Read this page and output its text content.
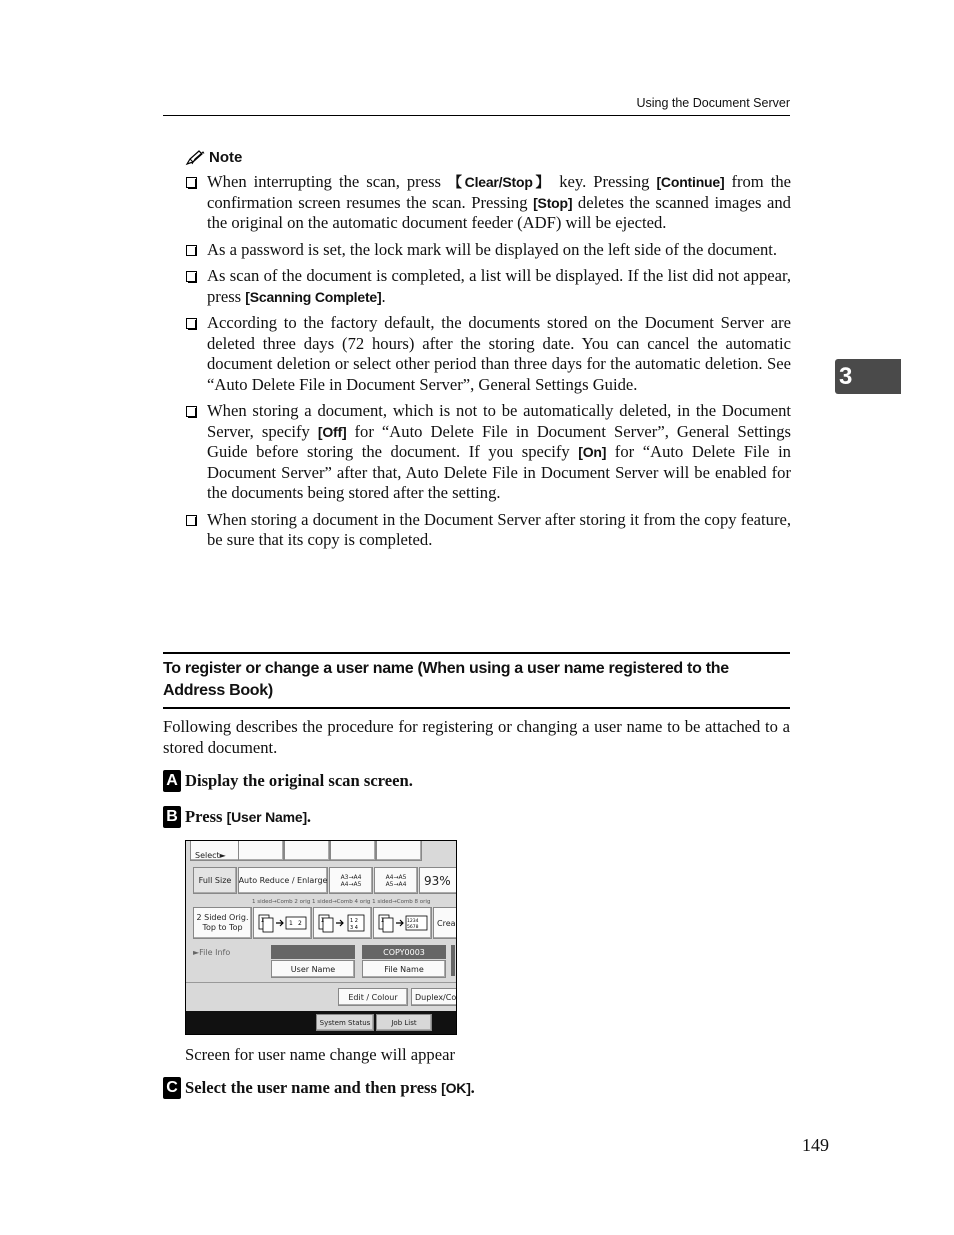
Using the Document Server
3
Note
When interrupting the scan, press 【Clear/Stop】 key. Pressing [Continue] from the confirmation screen resumes the scan. Pressing [Stop] deletes the scanned images and the original on the automatic document feeder (ADF) will be ejected.
As a password is set, the lock mark will be displayed on the left side of the document.
As scan of the document is completed, a list will be displayed. If the list did not appear, press [Scanning Complete].
According to the factory default, the documents stored on the Document Server are deleted three days (72 hours) after the storing date. You can cancel the automatic document deletion or select other period than three days for the automatic deletion. See “Auto Delete File in Document Server”, General Settings Guide.
When storing a document, which is not to be automatically deleted, in the Document Server, specify [Off] for “Auto Delete File in Document Server”, General Settings Guide before storing the document. If you specify [On] for “Auto Delete File in Document Server” after that, Auto Delete File in Document Server will be enabled for the documents being stored after the setting.
When storing a document in the Document Server after storing it from the copy feature, be sure that its copy is completed.
To register or change a user name (When using a user name registered to the Address Book)
Following describes the procedure for registering or changing a user name to be attached to a stored document.
A Display the original scan screen.
B Press
[User Name] .
Select►
Full Size Auto Reduce / Enlarge A3→A4
A4→A5
A4→A5
A5→A4	93%
1 sided→Comb 2 orig 1 sided→Comb 4 orig 1 sided→Comb 8 orig
2 Sided Orig.
Top to Top
1	1 2	1	1 2
3 4
1	1234
5678	Crea
►File Info
User Name
COPY0003
File Name
Edit / Colour	Duplex/Co
System Status	Job List
Screen for user name change will appear
C Select the user name and then press
[OK] .
149
